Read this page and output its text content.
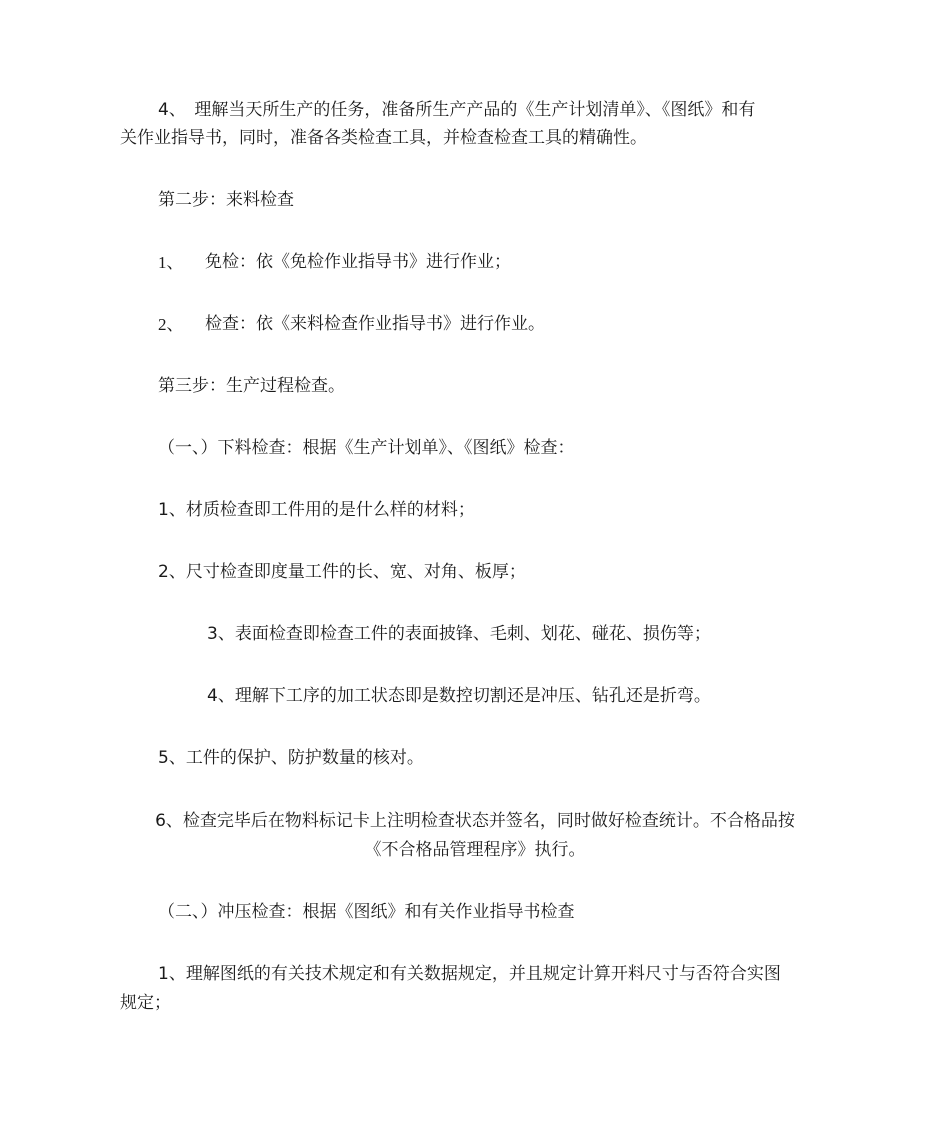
4、　理解当天所生产的任务，准备所生产产品的《生产计划清单》、《图纸》和有
关作业指导书，同时，准备各类检查工具，并检查检查工具的精确性。
第二步：来料检查
1、 免检：依《免检作业指导书》进行作业；
2、 检查：依《来料检查作业指导书》进行作业。
第三步：生产过程检查。
（一、）下料检查：根据《生产计划单》、《图纸》检查：
1、材质检查即工件用的是什么样的材料；
2、尺寸检查即度量工件的长、宽、对角、板厚；
3、表面检查即检查工件的表面披锋、毛刺、划花、碰花、损伤等；
4、理解下工序的加工状态即是数控切割还是冲压、钻孔还是折弯。
5、工件的保护、防护数量的核对。
6、检查完毕后在物料标记卡上注明检查状态并签名，同时做好检查统计。不合格品按
《不合格品管理程序》执行。
（二、）冲压检查：根据《图纸》和有关作业指导书检查
1、理解图纸的有关技术规定和有关数据规定，并且规定计算开料尺寸与否符合实图
规定；
